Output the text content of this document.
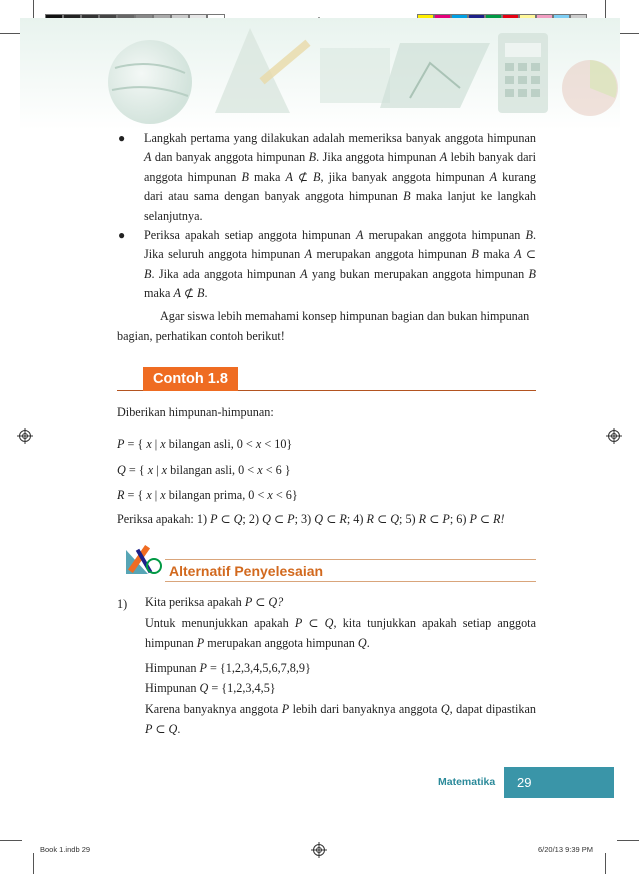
● Langkah pertama yang dilakukan adalah memeriksa banyak anggota himpunan
A dan banyak anggota himpunan B. Jika anggota himpunan A lebih banyak dari
anggota himpunan B maka A ⊄ B, jika banyak anggota himpunan A kurang
dari atau sama dengan banyak anggota himpunan B maka lanjut ke langkah
selanjutnya.
● Periksa apakah setiap anggota himpunan A merupakan anggota himpunan B.
Jika seluruh anggota himpunan A merupakan anggota himpunan B maka A ⊂
B. Jika ada anggota himpunan A yang bukan merupakan anggota himpunan B
maka A ⊄ B.
Agar siswa lebih memahami konsep himpunan bagian dan bukan himpunan
bagian, perhatikan contoh berikut!
Contoh 1.8
Diberikan himpunan-himpunan:
P = { x | x bilangan asli, 0 < x < 10}
Q = { x | x bilangan asli, 0 < x < 6 }
R = { x | x bilangan prima, 0 < x < 6}
Periksa apakah: 1) P ⊂ Q; 2) Q ⊂ P; 3) Q ⊂ R; 4) R ⊂ Q; 5) R ⊂ P; 6) P ⊂ R!
Alternatif Penyelesaian
1) Kita periksa apakah P ⊂ Q?
Untuk menunjukkan apakah P ⊂ Q, kita tunjukkan apakah setiap anggota
himpunan P merupakan anggota himpunan Q.
Himpunan P = {1,2,3,4,5,6,7,8,9}
Himpunan Q = {1,2,3,4,5}
Karena banyaknya anggota P lebih dari banyaknya anggota Q, dapat dipastikan
P ⊂ Q.
Matematika	29
Book 1.indb 29	6/20/13 9:39 PM
